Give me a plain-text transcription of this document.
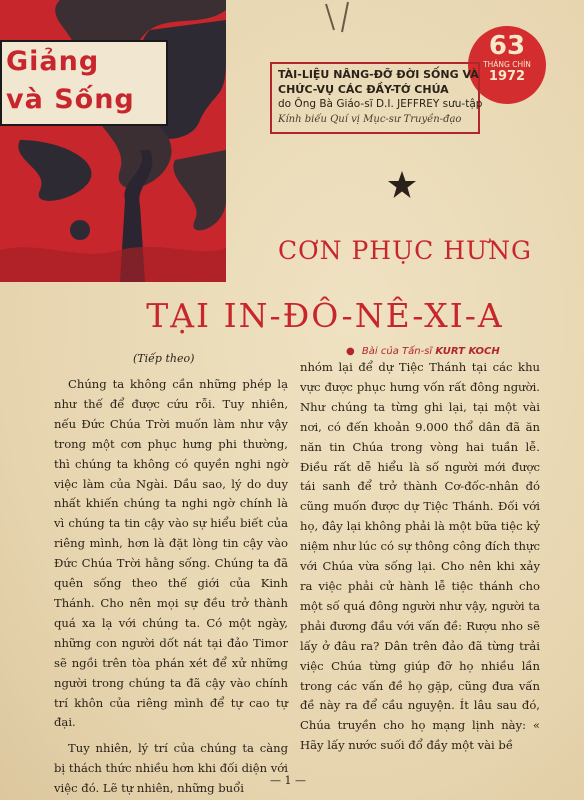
Giảng
và Sống
63
THÁNG CHÍN
1972
TÀI-LIỆU NÂNG-ĐỠ ĐỜI SỐNG VÀ
CHỨC-VỤ CÁC ĐẦY-TỚ CHÚA
do Ông Bà Giáo-sĩ D.I. JEFFREY sưu-tập
Kính biếu Quí vị Mục-sư Truyền-đạo
CƠN PHỤC HƯNG
TẠI IN-ĐÔ-NÊ-XI-A
● Bài của Tấn-sĩ KURT KOCH
(Tiếp theo)

Chúng ta không cần những phép lạ như thế để được cứu rỗi. Tuy nhiên, nếu Đức Chúa Trời muốn làm như vậy trong một cơn phục hưng phi thường, thì chúng ta không có quyền nghi ngờ việc làm của Ngài. Dầu sao, lý do duy nhất khiến chúng ta nghi ngờ chính là vì chúng ta tin cậy vào sự hiểu biết của riêng mình, hơn là đặt lòng tin cậy vào Đức Chúa Trời hằng sống. Chúng ta đã quên sống theo thế giới của Kinh Thánh. Cho nên mọi sự đều trở thành quá xa lạ với chúng ta. Có một ngày, những con người dốt nát tại đảo Timor sẽ ngồi trên tòa phán xét để xử những người trong chúng ta đã cậy vào chính trí khôn của riêng mình để tự cao tự đại.

Tuy nhiên, lý trí của chúng ta càng bị thách thức nhiều hơn khi đối diện với việc đó. Lẽ tự nhiên, những buổi

nhóm lại để dự Tiệc Thánh tại các khu vực được phục hưng vốn rất đông người. Như chúng ta từng ghi lại, tại một vài nơi, có đến khoản 9.000 thổ dân đã ăn năn tin Chúa trong vòng hai tuần lễ. Điều rất dễ hiểu là số người mới được tái sanh để trở thành Cơ-đốc-nhân đó cũng muốn được dự Tiệc Thánh. Đối với họ, đây lại không phải là một bữa tiệc kỷ niệm như lúc có sự thông công đích thực với Chúa vừa sống lại. Cho nên khi xảy ra việc phải cử hành lễ tiệc thánh cho một số quá đông người như vậy, người ta phải đương đầu với vấn đề: Rượu nho sẽ lấy ở đâu ra? Dân trên đảo đã từng trải việc Chúa từng giúp đỡ họ nhiều lần trong các vấn đề họ gặp, cũng đưa vấn đề này ra để cầu nguyện. Ít lâu sau đó, Chúa truyền cho họ mạng lịnh này: « Hãy lấy nước suối đổ đầy một vài bề

— 1 —
